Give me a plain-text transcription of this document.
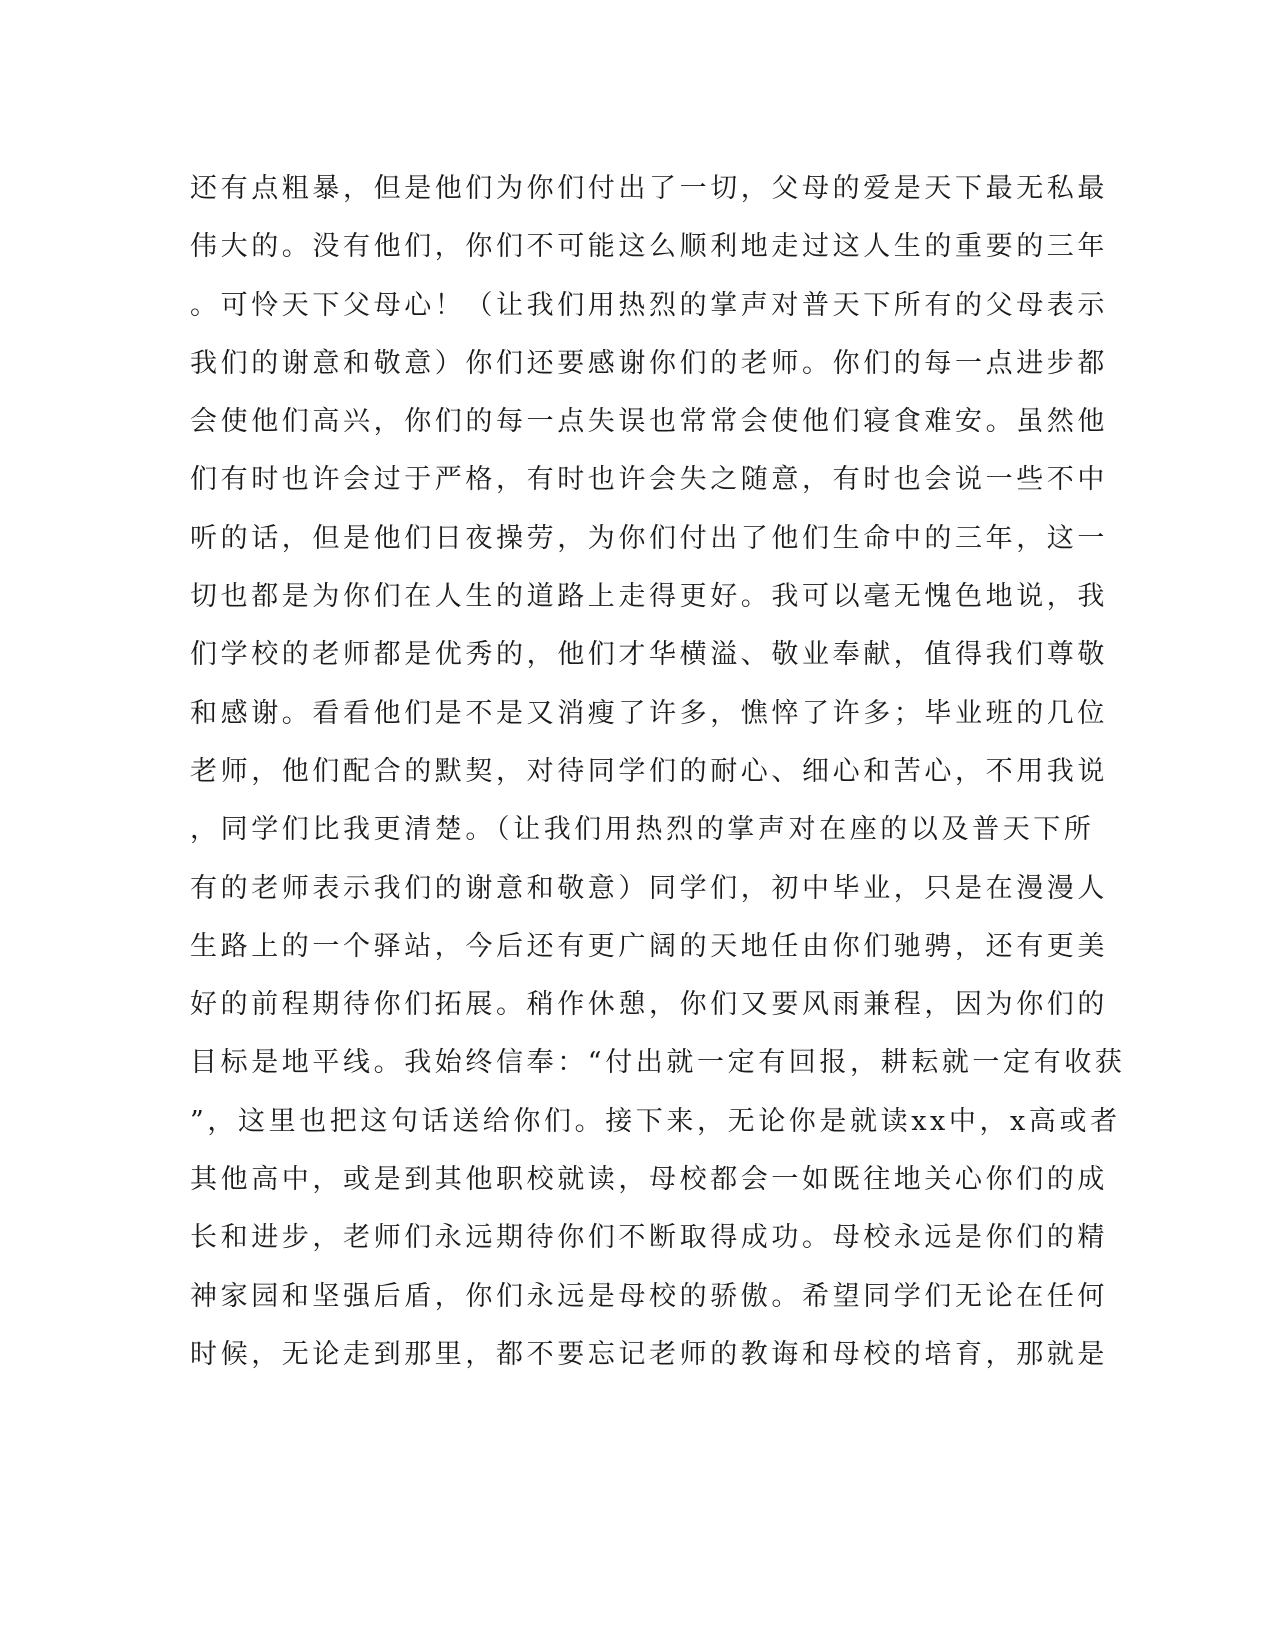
还有点粗暴，但是他们为你们付出了一切，父母的爱是天下最无私最
伟大的。没有他们，你们不可能这么顺利地走过这人生的重要的三年
。可怜天下父母心！（让我们用热烈的掌声对普天下所有的父母表示
我们的谢意和敬意）你们还要感谢你们的老师。你们的每一点进步都
会使他们高兴，你们的每一点失误也常常会使他们寝食难安。虽然他
们有时也许会过于严格，有时也许会失之随意，有时也会说一些不中
听的话，但是他们日夜操劳，为你们付出了他们生命中的三年，这一
切也都是为你们在人生的道路上走得更好。我可以毫无愧色地说，我
们学校的老师都是优秀的，他们才华横溢、敬业奉献，值得我们尊敬
和感谢。看看他们是不是又消瘦了许多，憔悴了许多；毕业班的几位
老师，他们配合的默契，对待同学们的耐心、细心和苦心，不用我说
，同学们比我更清楚。（让我们用热烈的掌声对在座的以及普天下所
有的老师表示我们的谢意和敬意）同学们，初中毕业，只是在漫漫人
生路上的一个驿站，今后还有更广阔的天地任由你们驰骋，还有更美
好的前程期待你们拓展。稍作休憩，你们又要风雨兼程，因为你们的
目标是地平线。我始终信奉：“付出就一定有回报，耕耘就一定有收获
”，这里也把这句话送给你们。接下来，无论你是就读xx中，x高或者
其他高中，或是到其他职校就读，母校都会一如既往地关心你们的成
长和进步，老师们永远期待你们不断取得成功。母校永远是你们的精
神家园和坚强后盾，你们永远是母校的骄傲。希望同学们无论在任何
时候，无论走到那里，都不要忘记老师的教诲和母校的培育，那就是
